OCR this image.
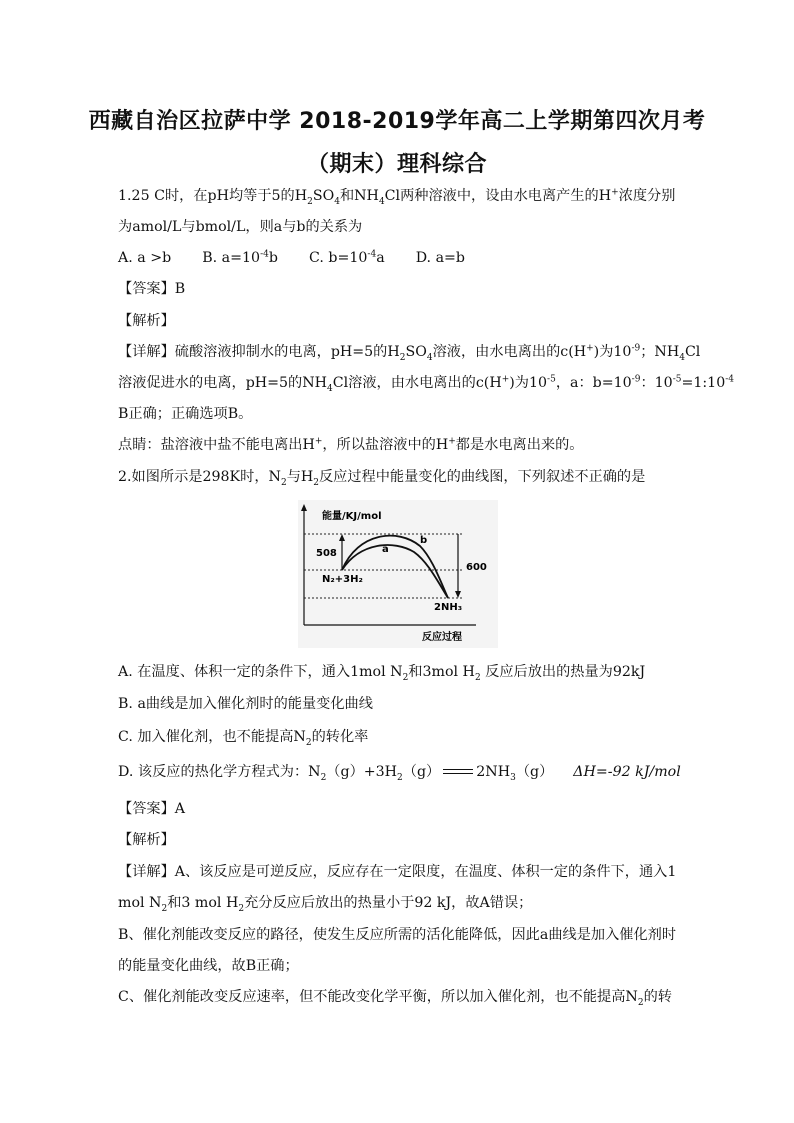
西藏自治区拉萨中学 2018-2019学年高二上学期第四次月考
（期末）理科综合
1.25 C时，在pH均等于5的$H_2SO_4$和$NH_4Cl$两种溶液中，设由水电离产生的H+浓度分别
为amol/L与bmol/L，则a与b的关系为
A. a >b B. $a=10^{-4}b$ C. $b=10^{-4}a$ D. a=b
【答案】B
【解析】
【详解】硫酸溶液抑制水的电离，pH=5的$H_2SO_4$溶液，由水电离出的c(H+)为$10^{-9}$；$NH_4Cl$
溶液促进水的电离，pH=5的$NH_4Cl$溶液，由水电离出的c(H+)为$10^{-5}$，a：$b=10^{-9}$：$10^{-5}=1:10^{-4}$
B正确；正确选项B。
点睛：盐溶液中盐不能电离出H+，所以盐溶液中的H+都是水电离出来的。
2.如图所示是298K时，$N_2$与$H_2$反应过程中能量变化的曲线图，下列叙述不正确的是
能量/KJ/mol
反应过程
508
600
a
b
N₂+3H₂
2NH₃
A. 在温度、体积一定的条件下，通入1mol $N_2$和3mol $H_2$ 反应后放出的热量为92kJ
B. a曲线是加入催化剂时的能量变化曲线
C. 加入催化剂，也不能提高$N_2$的转化率
D. 该反应的热化学方程式为：$N_2(g)+3H_2(g)$	$2NH_3(g)$ ΔH=-92 kJ/mol
【答案】A
【解析】
【详解】A、该反应是可逆反应，反应存在一定限度，在温度、体积一定的条件下，通入1
mol $N_2$和3 mol $H_2$充分反应后放出的热量小于92 kJ，故A错误；
B、催化剂能改变反应的路径，使发生反应所需的活化能降低，因此a曲线是加入催化剂时
的能量变化曲线，故B正确；
C、催化剂能改变反应速率，但不能改变化学平衡，所以加入催化剂，也不能提高$N_2$的转
